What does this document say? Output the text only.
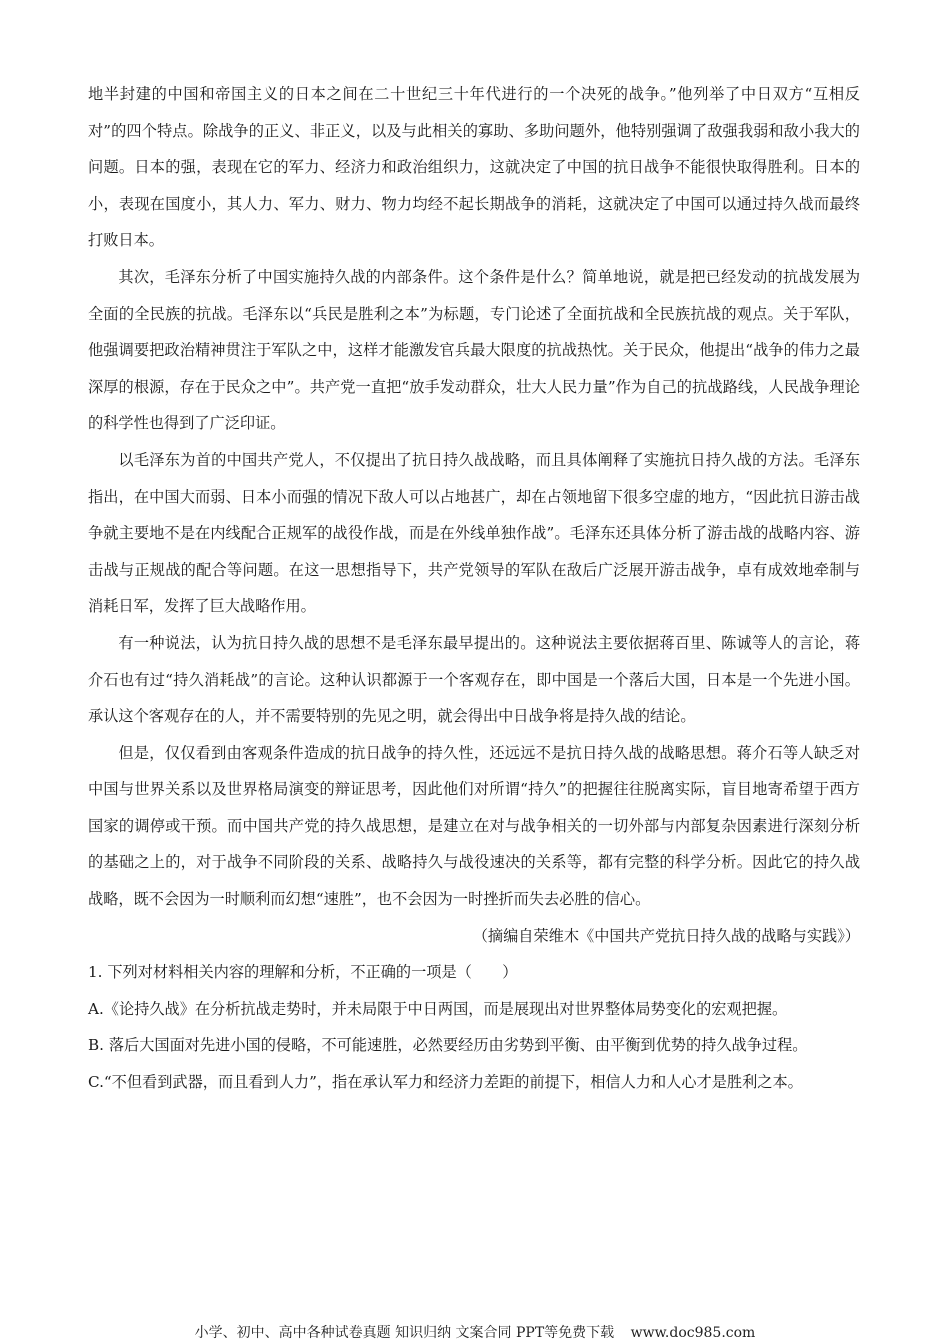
地半封建的中国和帝国主义的日本之间在二十世纪三十年代进行的一个决死的战争。”他列举了中日双方“互相反对”的四个特点。除战争的正义、非正义，以及与此相关的寡助、多助问题外，他特别强调了敌强我弱和敌小我大的问题。日本的强，表现在它的军力、经济力和政治组织力，这就决定了中国的抗日战争不能很快取得胜利。日本的小，表现在国度小，其人力、军力、财力、物力均经不起长期战争的消耗，这就决定了中国可以通过持久战而最终打败日本。

其次，毛泽东分析了中国实施持久战的内部条件。这个条件是什么？简单地说，就是把已经发动的抗战发展为全面的全民族的抗战。毛泽东以“兵民是胜利之本”为标题，专门论述了全面抗战和全民族抗战的观点。关于军队，他强调要把政治精神贯注于军队之中，这样才能激发官兵最大限度的抗战热忱。关于民众，他提出“战争的伟力之最深厚的根源，存在于民众之中”。共产党一直把“放手发动群众，壮大人民力量”作为自己的抗战路线，人民战争理论的科学性也得到了广泛印证。

以毛泽东为首的中国共产党人，不仅提出了抗日持久战战略，而且具体阐释了实施抗日持久战的方法。毛泽东指出，在中国大而弱、日本小而强的情况下敌人可以占地甚广，却在占领地留下很多空虚的地方，“因此抗日游击战争就主要地不是在内线配合正规军的战役作战，而是在外线单独作战”。毛泽东还具体分析了游击战的战略内容、游击战与正规战的配合等问题。在这一思想指导下，共产党领导的军队在敌后广泛展开游击战争，卓有成效地牵制与消耗日军，发挥了巨大战略作用。

有一种说法，认为抗日持久战的思想不是毛泽东最早提出的。这种说法主要依据蒋百里、陈诚等人的言论，蒋介石也有过“持久消耗战”的言论。这种认识都源于一个客观存在，即中国是一个落后大国，日本是一个先进小国。承认这个客观存在的人，并不需要特别的先见之明，就会得出中日战争将是持久战的结论。

但是，仅仅看到由客观条件造成的抗日战争的持久性，还远远不是抗日持久战的战略思想。蒋介石等人缺乏对中国与世界关系以及世界格局演变的辩证思考，因此他们对所谓“持久”的把握往往脱离实际，盲目地寄希望于西方国家的调停或干预。而中国共产党的持久战思想，是建立在对与战争相关的一切外部与内部复杂因素进行深刻分析的基础之上的，对于战争不同阶段的关系、战略持久与战役速决的关系等，都有完整的科学分析。因此它的持久战战略，既不会因为一时顺利而幻想“速胜”，也不会因为一时挫折而失去必胜的信心。

（摘编自荣维木《中国共产党抗日持久战的战略与实践》）

1. 下列对材料相关内容的理解和分析，不正确的一项是（　　）

A.《论持久战》在分析抗战走势时，并未局限于中日两国，而是展现出对世界整体局势变化的宏观把握。

B. 落后大国面对先进小国的侵略，不可能速胜，必然要经历由劣势到平衡、由平衡到优势的持久战争过程。

C.“不但看到武器，而且看到人力”，指在承认军力和经济力差距的前提下，相信人力和人心才是胜利之本。

小学、初中、高中各种试卷真题 知识归纳 文案合同 PPT等免费下载 www.doc985.com
